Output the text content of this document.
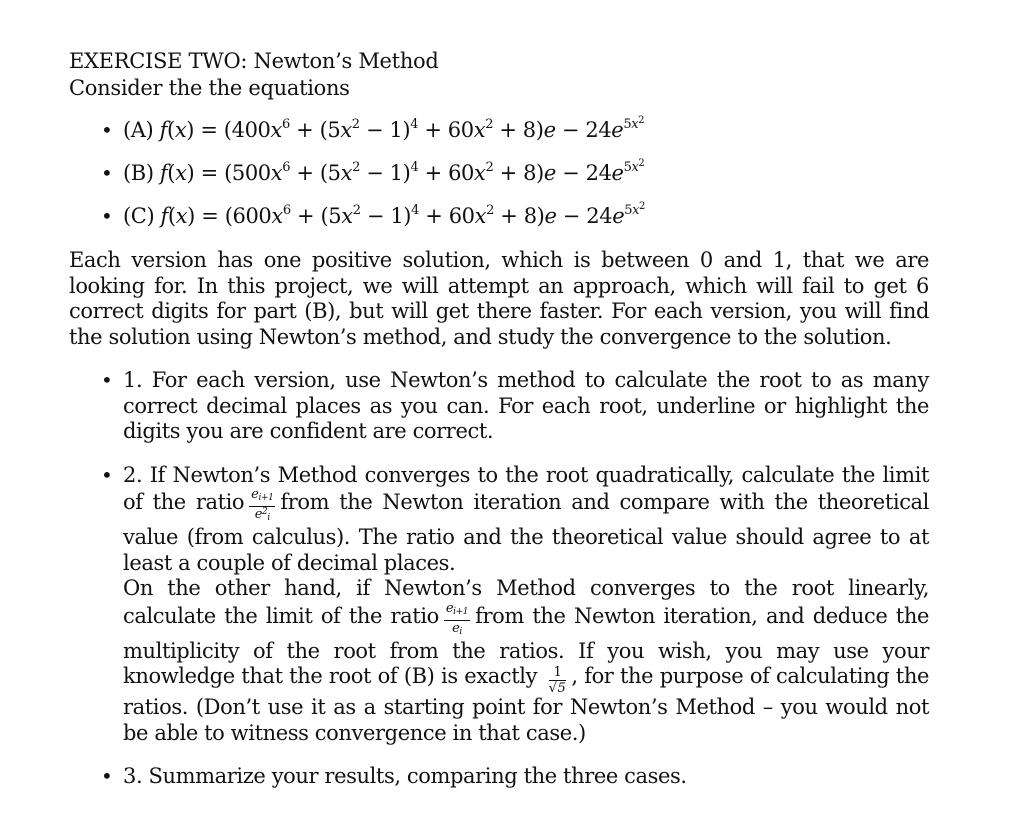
EXERCISE TWO: Newton’s Method

Consider the the equations

• (A) $f(x) = (400x^6 + (5x^2 - 1)^4 + 60x^2 + 8)e - 24e^{5x^2}$
• (B) $f(x) = (500x^6 + (5x^2 - 1)^4 + 60x^2 + 8)e - 24e^{5x^2}$
• (C) $f(x) = (600x^6 + (5x^2 - 1)^4 + 60x^2 + 8)e - 24e^{5x^2}$

Each version has one positive solution, which is between 0 and 1, that we are looking for. In this project, we will attempt an approach, which will fail to get 6 correct digits for part (B), but will get there faster. For each version, you will find the solution using Newton’s method, and study the convergence to the solution.

• 1. For each version, use Newton’s method to calculate the root to as many correct decimal places as you can. For each root, underline or highlight the digits you are confident are correct.
• 2. If Newton’s Method converges to the root quadratically, calculate the limit of the ratio $\frac{e_{i+1}}{e^2_i}$ from the Newton iteration and compare with the theoretical value (from calculus). The ratio and the theoretical value should agree to at least a couple of decimal places.
On the other hand, if Newton’s Method converges to the root linearly, calculate the limit of the ratio $\frac{e_{i+1}}{e_i}$ from the Newton iteration, and deduce the multiplicity of the root from the ratios. If you wish, you may use your knowledge that the root of (B) is exactly $\frac{1}{√5}$ , for the purpose of calculating the ratios. (Don’t use it as a starting point for Newton’s Method – you would not be able to witness convergence in that case.)
• 3. Summarize your results, comparing the three cases.
